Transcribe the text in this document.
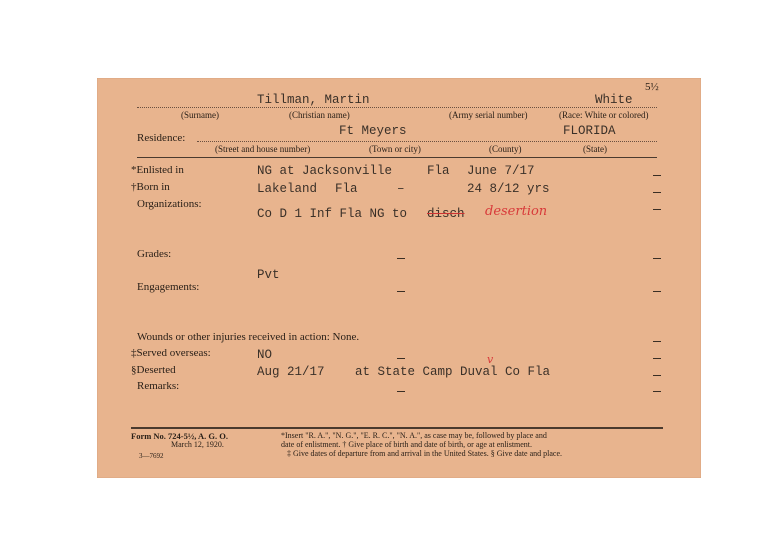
5½
Tillman, Martin	White
(Surname)	(Christian name)	(Army serial number)	(Race: White or colored)
Residence:	Ft Meyers	FLORIDA
(Street and house number)	(Town or city)	(County)	(State)
*Enlisted in	NG at Jacksonville	Fla June 7/17
†Born in	Lakeland Fla	–	24 8/12 yrs
Organizations:
Co D 1 Inf Fla NG to disch desertion
Grades:
Pvt
Engagements:
Wounds or other injuries received in action: None.
‡Served overseas:	NO
§Deserted	Aug 21/17 at State Camp Duval Co Fla
v
Remarks:
Form No. 724-5½, A. G. O.
March 12, 1920.
3—7692
*Insert "R. A.", "N. G.", "E. R. C.", "N. A.", as case may be, followed by place and
date of enlistment. † Give place of birth and date of birth, or age at enlistment.
‡ Give dates of departure from and arrival in the United States. § Give date and place.
